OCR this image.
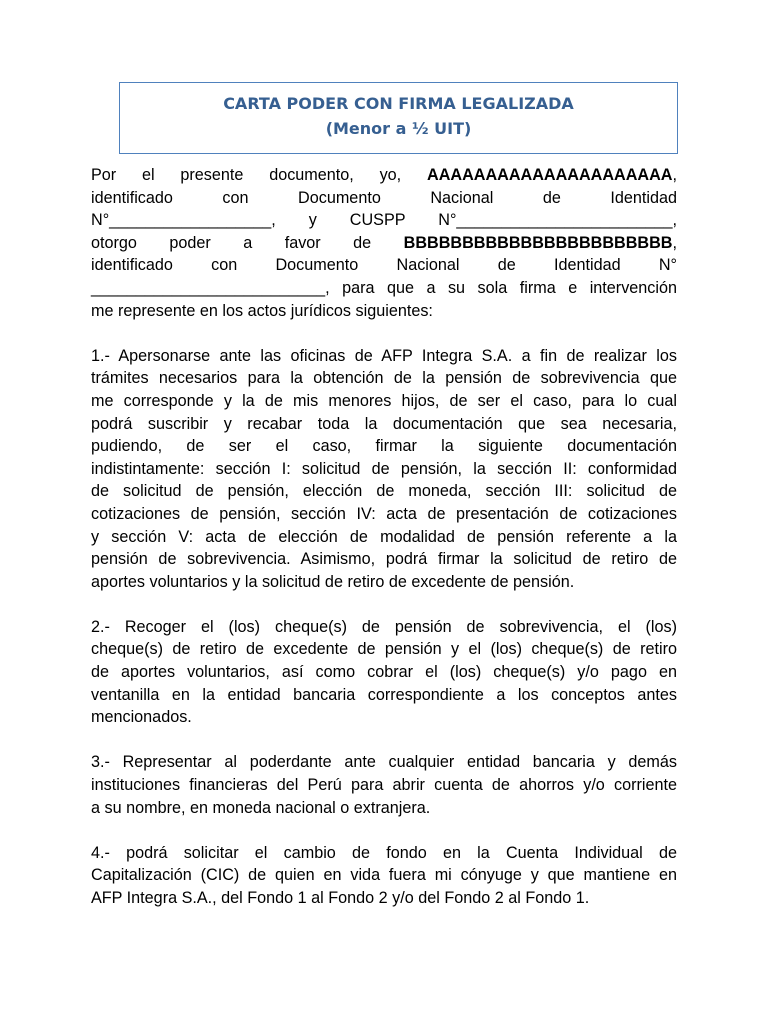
CARTA PODER CON FIRMA LEGALIZADA
(Menor a ½ UIT)
Por el presente documento, yo, AAAAAAAAAAAAAAAAAAAAA,
identificado con Documento Nacional de Identidad
N°__________________, y CUSPP N°________________________,
otorgo poder a favor de BBBBBBBBBBBBBBBBBBBBBBB,
identificado con Documento Nacional de Identidad N°
__________________________, para que a su sola firma e intervención
me represente en los actos jurídicos siguientes:
1.- Apersonarse ante las oficinas de AFP Integra S.A. a fin de realizar los
trámites necesarios para la obtención de la pensión de sobrevivencia que
me corresponde y la de mis menores hijos, de ser el caso, para lo cual
podrá suscribir y recabar toda la documentación que sea necesaria,
pudiendo, de ser el caso, firmar la siguiente documentación
indistintamente: sección I: solicitud de pensión, la sección II: conformidad
de solicitud de pensión, elección de moneda, sección III: solicitud de
cotizaciones de pensión, sección IV: acta de presentación de cotizaciones
y sección V: acta de elección de modalidad de pensión referente a la
pensión de sobrevivencia. Asimismo, podrá firmar la solicitud de retiro de
aportes voluntarios y la solicitud de retiro de excedente de pensión.
2.- Recoger el (los) cheque(s) de pensión de sobrevivencia, el (los)
cheque(s) de retiro de excedente de pensión y el (los) cheque(s) de retiro
de aportes voluntarios, así como cobrar el (los) cheque(s) y/o pago en
ventanilla en la entidad bancaria correspondiente a los conceptos antes
mencionados.
3.- Representar al poderdante ante cualquier entidad bancaria y demás
instituciones financieras del Perú para abrir cuenta de ahorros y/o corriente
a su nombre, en moneda nacional o extranjera.
4.- podrá solicitar el cambio de fondo en la Cuenta Individual de
Capitalización (CIC) de quien en vida fuera mi cónyuge y que mantiene en
AFP Integra S.A., del Fondo 1 al Fondo 2 y/o del Fondo 2 al Fondo 1.
